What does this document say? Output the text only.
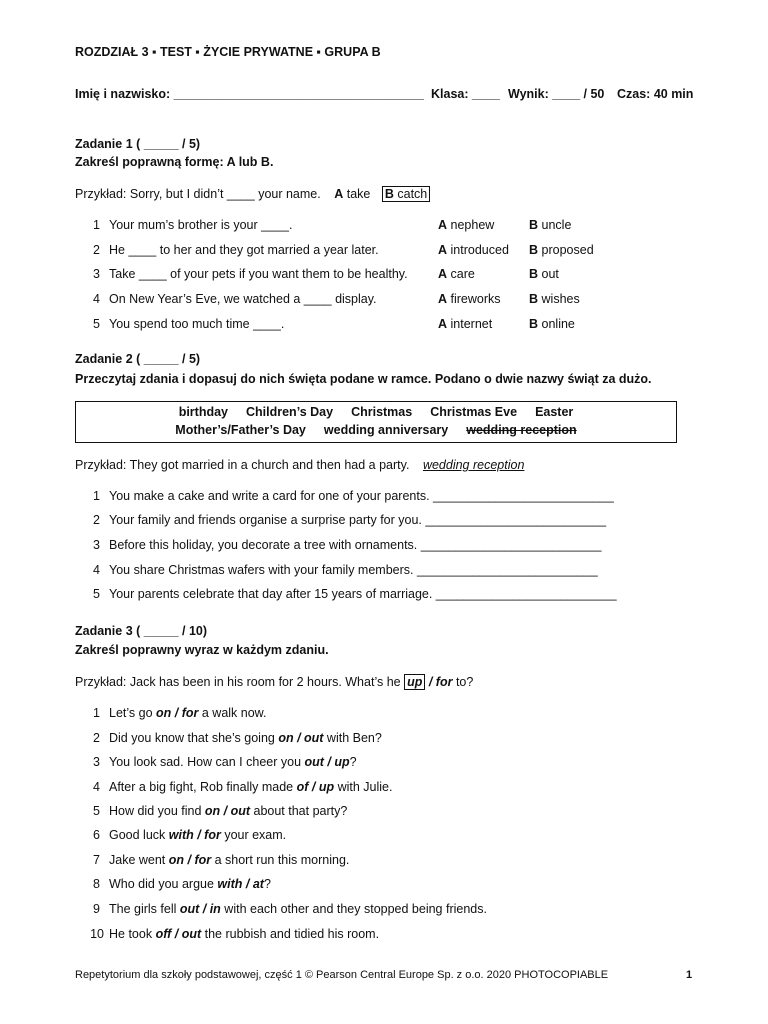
ROZDZIAŁ 3 ▪ TEST ▪ ŻYCIE PRYWATNE ▪ GRUPA B
Imię i nazwisko: ____________________________________ Klasa: ____ Wynik: ____ / 50 Czas: 40 min
Zadanie 1 ( _____ / 5)
Zakreśl poprawną formę: A lub B.
Przykład: Sorry, but I didn’t ____ your name. A take B catch
1 Your mum’s brother is your ____.	A nephew	B uncle
2 He ____ to her and they got married a year later.	A introduced B proposed
3 Take ____ of your pets if you want them to be healthy. A care	B out
4 On New Year’s Eve, we watched a ____ display.	A fireworks B wishes
5 You spend too much time ____.	A internet	B online
Zadanie 2 ( _____ / 5)
Przeczytaj zdania i dopasuj do nich święta podane w ramce. Podano o dwie nazwy świąt za dużo.
birthday Children’s Day Christmas Christmas Eve Easter
Mother’s/Father’s Day wedding anniversary wedding reception
Przykład: They got married in a church and then had a party. wedding reception
1 You make a cake and write a card for one of your parents. __________________________
2 Your family and friends organise a surprise party for you. __________________________
3 Before this holiday, you decorate a tree with ornaments. __________________________
4 You share Christmas wafers with your family members. __________________________
5 Your parents celebrate that day after 15 years of marriage. __________________________
Zadanie 3 ( _____ / 10)
Zakreśl poprawny wyraz w każdym zdaniu.
Przykład: Jack has been in his room for 2 hours. What’s he up / for to?
1 Let’s go on / for a walk now.
2 Did you know that she’s going on / out with Ben?
3 You look sad. How can I cheer you out / up?
4 After a big fight, Rob finally made of / up with Julie.
5 How did you find on / out about that party?
6 Good luck with / for your exam.
7 Jake went on / for a short run this morning.
8 Who did you argue with / at?
9 The girls fell out / in with each other and they stopped being friends.
10 He took off / out the rubbish and tidied his room.
Repetytorium dla szkoły podstawowej, część 1 © Pearson Central Europe Sp. z o.o. 2020 PHOTOCOPIABLE	1
